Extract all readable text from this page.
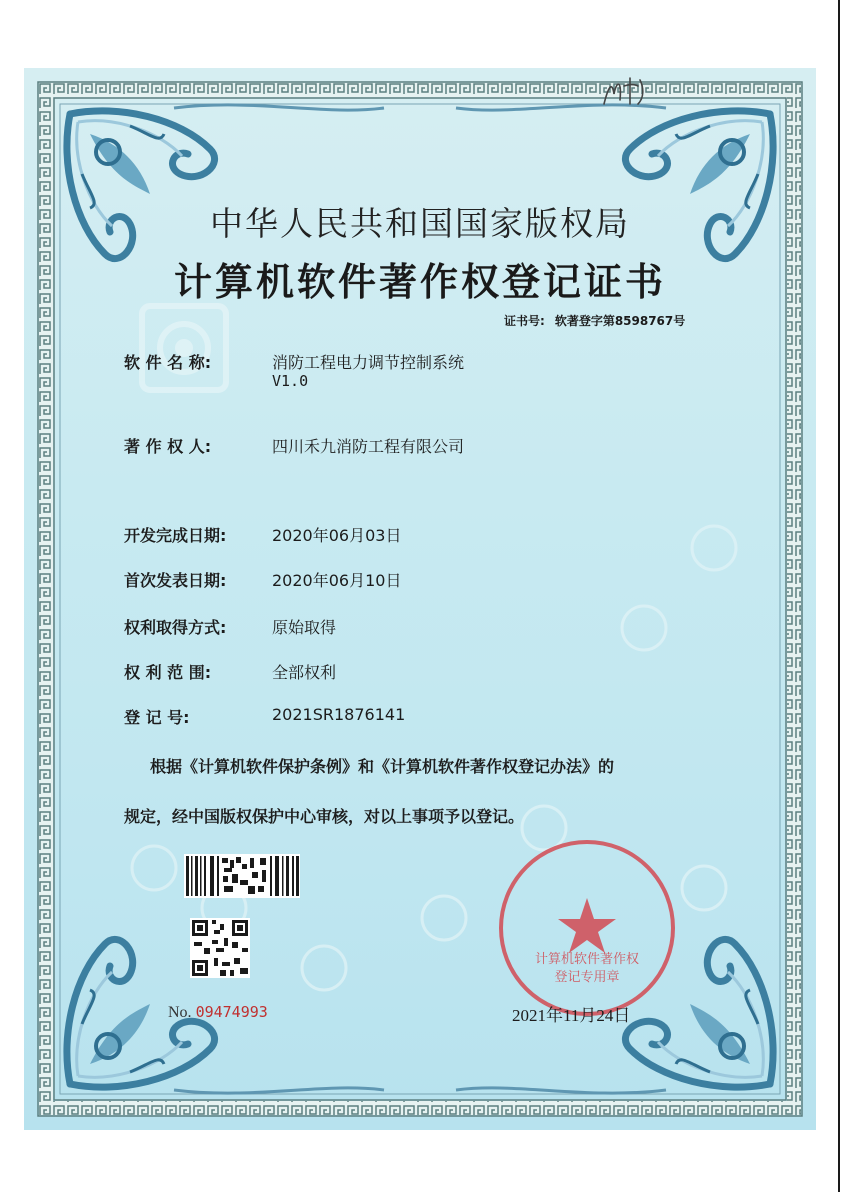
中华人民共和国国家版权局
计算机软件著作权登记证书
证书号: 软著登字第8598767号
软 件 名 称:	消防工程电力调节控制系统
V1.0
著 作 权 人:	四川禾九消防工程有限公司
开发完成日期:	2020年06月03日
首次发表日期:	2020年06月10日
权利取得方式:	原始取得
权 利 范 围:	全部权利
登 记 号:	2021SR1876141
根据《计算机软件保护条例》和《计算机软件著作权登记办法》的
规定，经中国版权保护中心审核，对以上事项予以登记。
No. 09474993	2021年11月24日
计算机软件著作权
登记专用章
